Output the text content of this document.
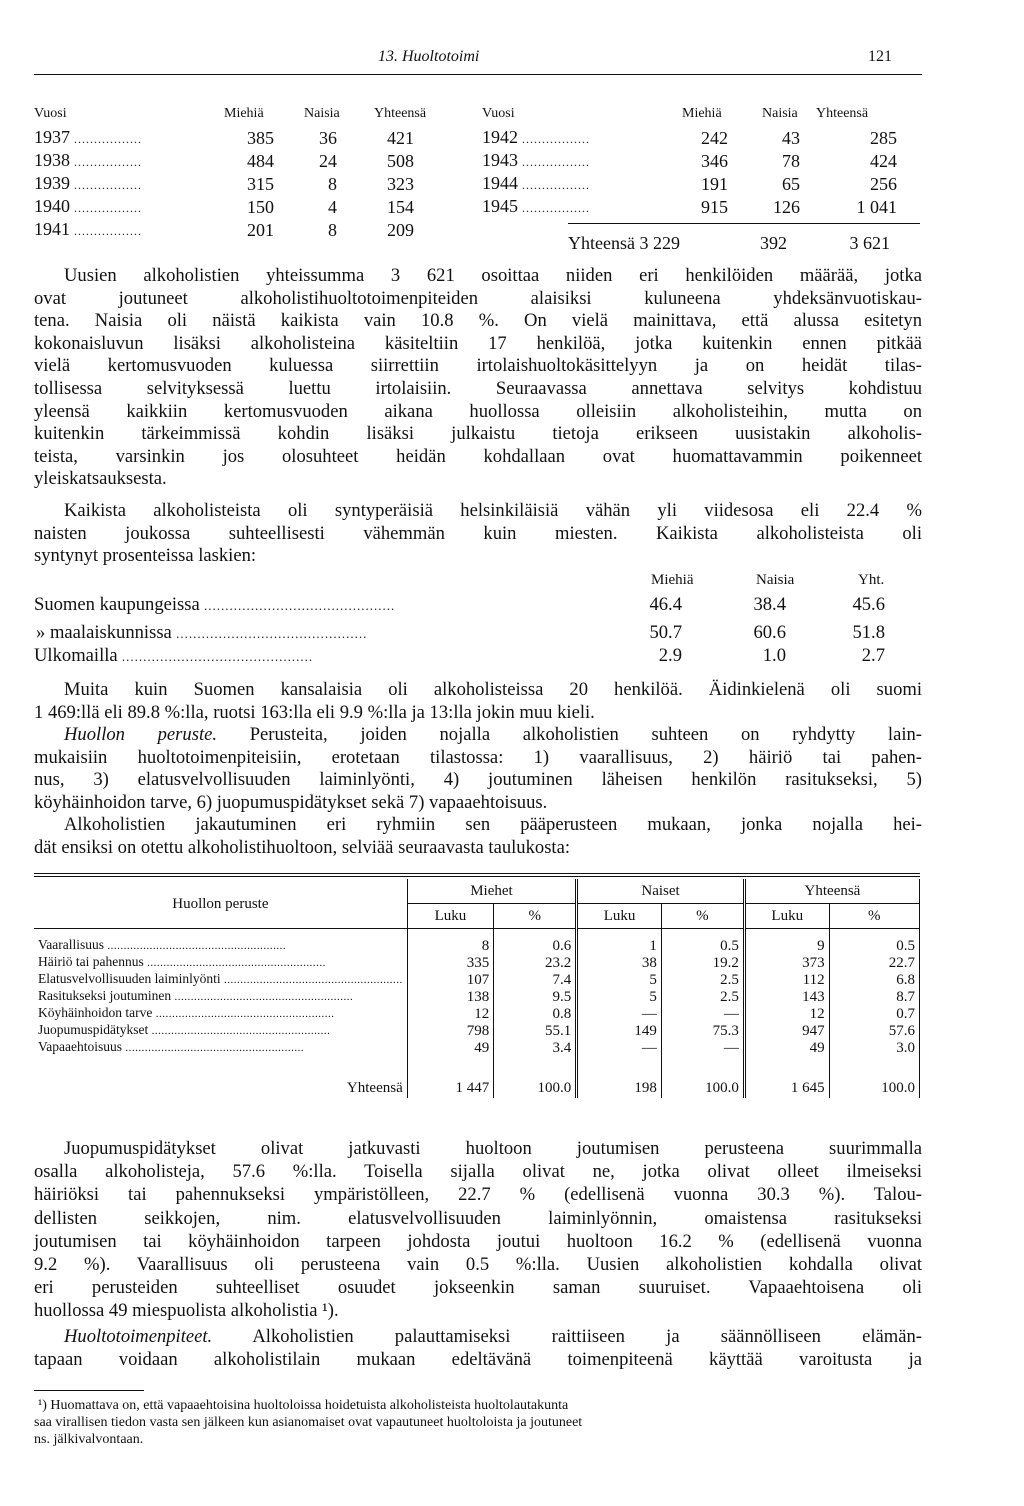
13. Huoltotoimi	121
Vuosi	Miehiä	Naisia	Yhteensä	Vuosi	Miehiä	Naisia	Yhteensä
1937 .................	385	36	421
1938 .................	484	24	508
1939 .................	315	8	323
1940 .................	150	4	154
1941 .................	201	8	209
1942 .................	242	43	285
1943 .................	346	78	424
1944 .................	191	65	256
1945 .................	915	126	1 041
Yhteensä 3 229	392	3 621
Uusien alkoholistien yhteissumma 3 621 osoittaa niiden eri henkilöiden määrää, jotka
ovat joutuneet alkoholistihuoltotoimenpiteiden alaisiksi kuluneena yhdeksänvuotiskau-
tena. Naisia oli näistä kaikista vain 10.8 %. On vielä mainittava, että alussa esitetyn
kokonaisluvun lisäksi alkoholisteina käsiteltiin 17 henkilöä, jotka kuitenkin ennen pitkää
vielä kertomusvuoden kuluessa siirrettiin irtolaishuoltokäsittelyyn ja on heidät tilas-
tollisessa selvityksessä luettu irtolaisiin. Seuraavassa annettava selvitys kohdistuu
yleensä kaikkiin kertomusvuoden aikana huollossa olleisiin alkoholisteihin, mutta on
kuitenkin tärkeimmissä kohdin lisäksi julkaistu tietoja erikseen uusistakin alkoholis-
teista, varsinkin jos olosuhteet heidän kohdallaan ovat huomattavammin poikenneet
yleiskatsauksesta.
Kaikista alkoholisteista oli syntyperäisiä helsinkiläisiä vähän yli viidesosa eli 22.4 %
naisten joukossa suhteellisesti vähemmän kuin miesten. Kaikista alkoholisteista oli
syntynyt prosenteissa laskien:
Miehiä	Naisia	Yht.
Suomen kaupungeissa .............................................	46.4	38.4	45.6
» maalaiskunnissa .............................................	50.7	60.6	51.8
Ulkomailla .............................................	2.9	1.0	2.7
Muita kuin Suomen kansalaisia oli alkoholisteissa 20 henkilöä. Äidinkielenä oli suomi
1 469:llä eli 89.8 %:lla, ruotsi 163:lla eli 9.9 %:lla ja 13:lla jokin muu kieli.
Huollon peruste. Perusteita, joiden nojalla alkoholistien suhteen on ryhdytty lain-
mukaisiin huoltotoimenpiteisiin, erotetaan tilastossa: 1) vaarallisuus, 2) häiriö tai pahen-
nus, 3) elatusvelvollisuuden laiminlyönti, 4) joutuminen läheisen henkilön rasitukseksi, 5)
köyhäinhoidon tarve, 6) juopumuspidätykset sekä 7) vapaaehtoisuus.
Alkoholistien jakautuminen eri ryhmiin sen pääperusteen mukaan, jonka nojalla hei-
dät ensiksi on otettu alkoholistihuoltoon, selviää seuraavasta taulukosta:
Huollon peruste	Miehet		Naiset		Yhteensä	
	Luku	%	Luku	%	Luku	%
Vaarallisuus .......................................................	8	0.6	1	0.5	9	0.5
Häiriö tai pahennus .......................................................	335	23.2	38	19.2	373	22.7
Elatusvelvollisuuden laiminlyönti .......................................................	107	7.4	5	2.5	112	6.8
Rasitukseksi joutuminen .......................................................	138	9.5	5	2.5	143	8.7
Köyhäinhoidon tarve .......................................................	12	0.8	—	—	12	0.7
Juopumuspidätykset .......................................................	798	55.1	149	75.3	947	57.6
Vapaaehtoisuus .......................................................	49	3.4	—	—	49	3.0

Yhteensä	1 447	100.0	198	100.0	1 645	100.0
Juopumuspidätykset olivat jatkuvasti huoltoon joutumisen perusteena suurimmalla
osalla alkoholisteja, 57.6 %:lla. Toisella sijalla olivat ne, jotka olivat olleet ilmeiseksi
häiriöksi tai pahennukseksi ympäristölleen, 22.7 % (edellisenä vuonna 30.3 %). Talou-
dellisten seikkojen, nim. elatusvelvollisuuden laiminlyönnin, omaistensa rasitukseksi
joutumisen tai köyhäinhoidon tarpeen johdosta joutui huoltoon 16.2 % (edellisenä vuonna
9.2 %). Vaarallisuus oli perusteena vain 0.5 %:lla. Uusien alkoholistien kohdalla olivat
eri perusteiden suhteelliset osuudet jokseenkin saman suuruiset. Vapaaehtoisena oli
huollossa 49 miespuolista alkoholistia ¹).
Huoltotoimenpiteet. Alkoholistien palauttamiseksi raittiiseen ja säännölliseen elämän-
tapaan voidaan alkoholistilain mukaan edeltävänä toimenpiteenä käyttää varoitusta ja
¹) Huomattava on, että vapaaehtoisina huoltoloissa hoidetuista alkoholisteista huoltolautakunta
saa virallisen tiedon vasta sen jälkeen kun asianomaiset ovat vapautuneet huoltoloista ja joutuneet
ns. jälkivalvontaan.
